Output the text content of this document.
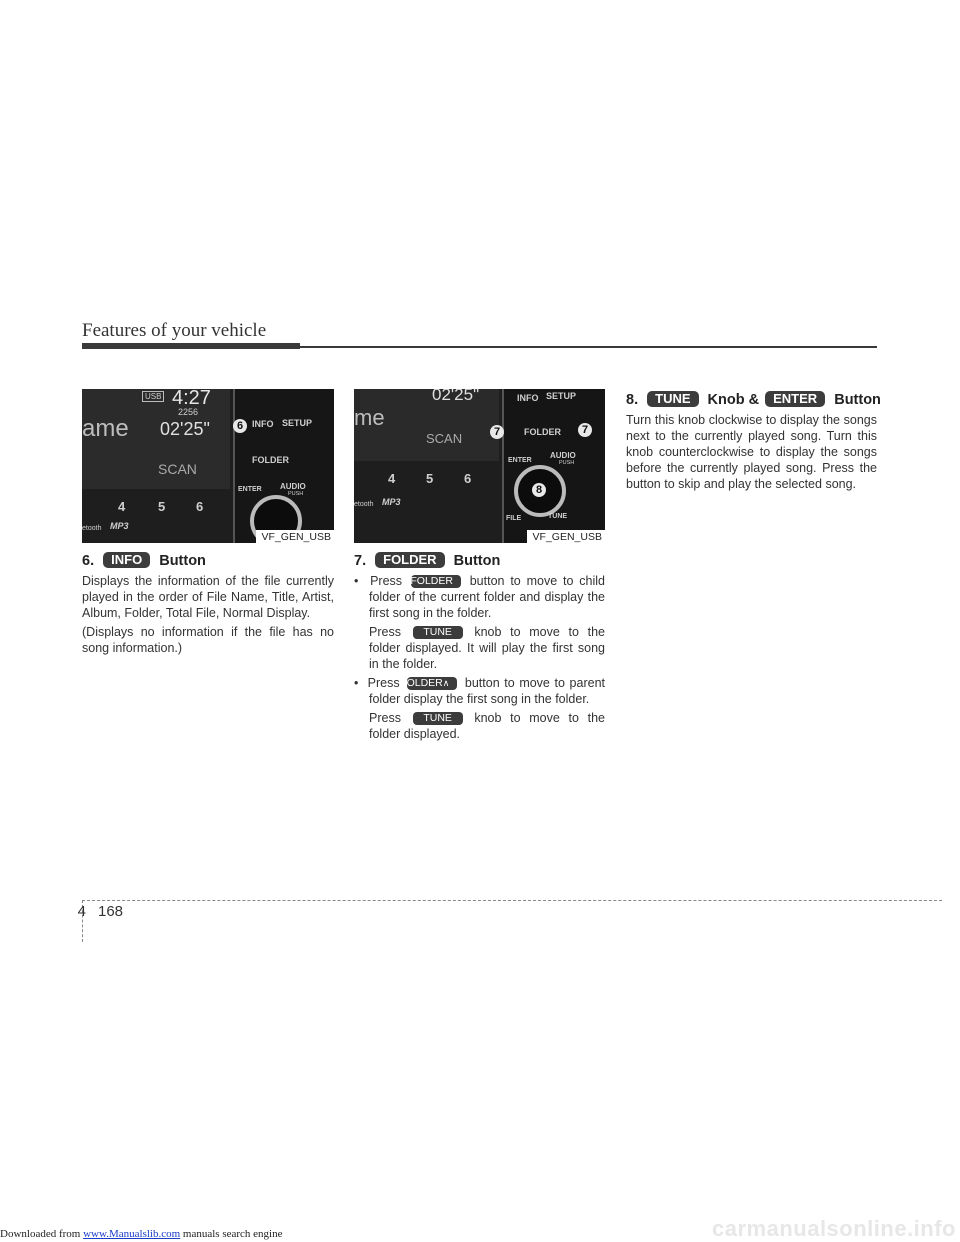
Features of your vehicle
USB 4:27
2256
ame 02'25"
SCAN
6 INFO SETUP
FOLDER
ENTER AUDIO
PUSH
4	5 6
etooth MP3
VF_GEN_USB
me
02'25"
SCAN
INFO SETUP
7	FOLDER	7
ENTER
AUDIO
PUSH
4 5 6
8
FILE	TUNE
etooth MP3
VF_GEN_USB
6. INFO Button

Displays the information of the file currently played in the order of File Name, Title, Artist, Album, Folder, Total File, Normal Display.

(Displays no information if the file has no song information.)

7. FOLDER Button

• Press ∨FOLDER button to move to child folder of the current folder and display the first song in the folder.

Press TUNE knob to move to the folder displayed. It will play the first song in the folder.

• Press FOLDER∧ button to move to parent folder display the first song in the folder.

Press TUNE knob to move to the folder displayed.

8. TUNE Knob & ENTER Button

Turn this knob clockwise to display the songs next to the currently played song. Turn this knob counterclockwise to display the songs before the currently played song. Press the button to skip and play the selected song.

4 168
Downloaded from www.Manualslib.com manuals search engine	carmanualsonline.info
